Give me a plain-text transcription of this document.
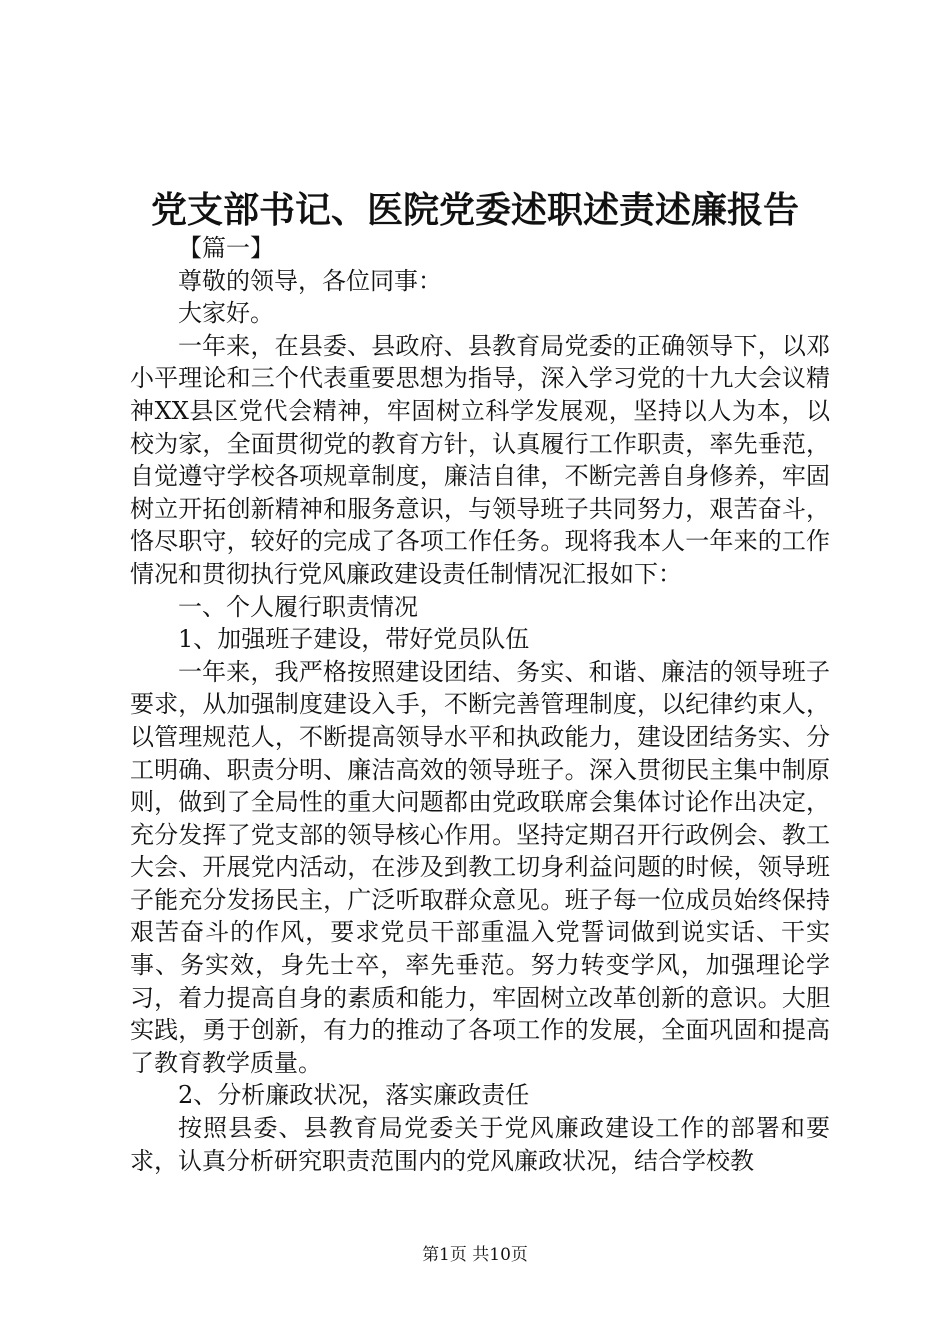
党支部书记、医院党委述职述责述廉报告

【篇一】

尊敬的领导，各位同事：

大家好。

一年来，在县委、县政府、县教育局党委的正确领导下，以邓小平理论和三个代表重要思想为指导，深入学习党的十九大会议精神XX县区党代会精神，牢固树立科学发展观，坚持以人为本，以校为家，全面贯彻党的教育方针，认真履行工作职责，率先垂范，自觉遵守学校各项规章制度，廉洁自律，不断完善自身修养，牢固树立开拓创新精神和服务意识，与领导班子共同努力，艰苦奋斗，恪尽职守，较好的完成了各项工作任务。现将我本人一年来的工作情况和贯彻执行党风廉政建设责任制情况汇报如下：

一、个人履行职责情况

1、加强班子建设，带好党员队伍

一年来，我严格按照建设团结、务实、和谐、廉洁的领导班子要求，从加强制度建设入手，不断完善管理制度，以纪律约束人，以管理规范人，不断提高领导水平和执政能力，建设团结务实、分工明确、职责分明、廉洁高效的领导班子。深入贯彻民主集中制原则，做到了全局性的重大问题都由党政联席会集体讨论作出决定，充分发挥了党支部的领导核心作用。坚持定期召开行政例会、教工大会、开展党内活动，在涉及到教工切身利益问题的时候，领导班子能充分发扬民主，广泛听取群众意见。班子每一位成员始终保持艰苦奋斗的作风，要求党员干部重温入党誓词做到说实话、干实事、务实效，身先士卒，率先垂范。努力转变学风，加强理论学习，着力提高自身的素质和能力，牢固树立改革创新的意识。大胆实践，勇于创新，有力的推动了各项工作的发展，全面巩固和提高了教育教学质量。

2、分析廉政状况，落实廉政责任

按照县委、县教育局党委关于党风廉政建设工作的部署和要求，认真分析研究职责范围内的党风廉政状况，结合学校教

第1页 共10页
